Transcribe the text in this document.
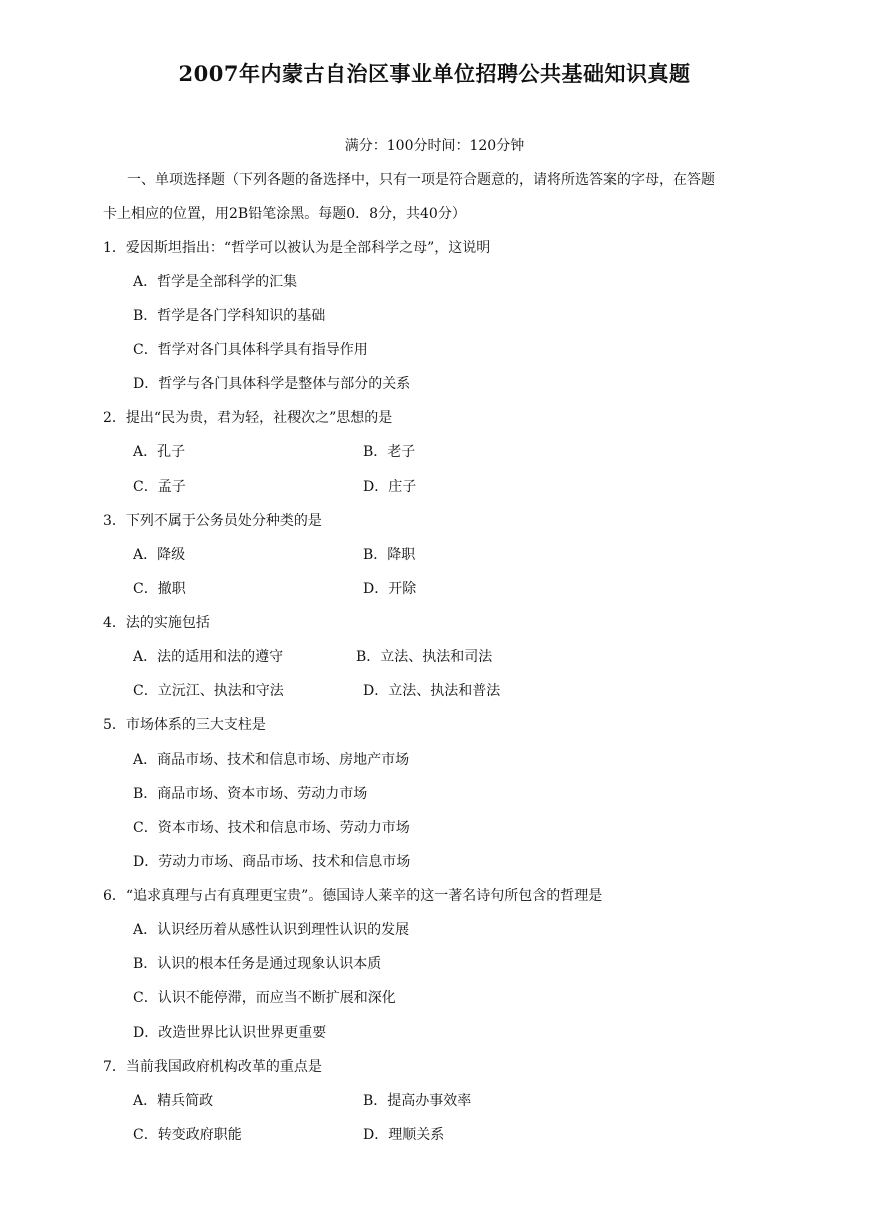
2007年内蒙古自治区事业单位招聘公共基础知识真题
满分：100分时间：120分钟
一、单项选择题（下列各题的备选择中，只有一项是符合题意的，请将所选答案的字母，在答题
卡上相应的位置，用2B铅笔涂黑。每题0．8分，共40分）
1．爱因斯坦指出：“哲学可以被认为是全部科学之母”，这说明
A．哲学是全部科学的汇集
B．哲学是各门学科知识的基础
C．哲学对各门具体科学具有指导作用
D．哲学与各门具体科学是整体与部分的关系
2．提出“民为贵，君为轻，社稷次之”思想的是
A．孔子	B．老子
C．孟子	D．庄子
3．下列不属于公务员处分种类的是
A．降级	B．降职
C．撤职	D．开除
4．法的实施包括
A．法的适用和法的遵守	B．立法、执法和司法
C．立沅江、执法和守法	D．立法、执法和普法
5．市场体系的三大支柱是
A．商品市场、技术和信息市场、房地产市场
B．商品市场、资本市场、劳动力市场
C．资本市场、技术和信息市场、劳动力市场
D．劳动力市场、商品市场、技术和信息市场
6．“追求真理与占有真理更宝贵”。德国诗人莱辛的这一著名诗句所包含的哲理是
A．认识经历着从感性认识到理性认识的发展
B．认识的根本任务是通过现象认识本质
C．认识不能停滞，而应当不断扩展和深化
D．改造世界比认识世界更重要
7．当前我国政府机构改革的重点是
A．精兵简政	B．提高办事效率
C．转变政府职能	D．理顺关系
